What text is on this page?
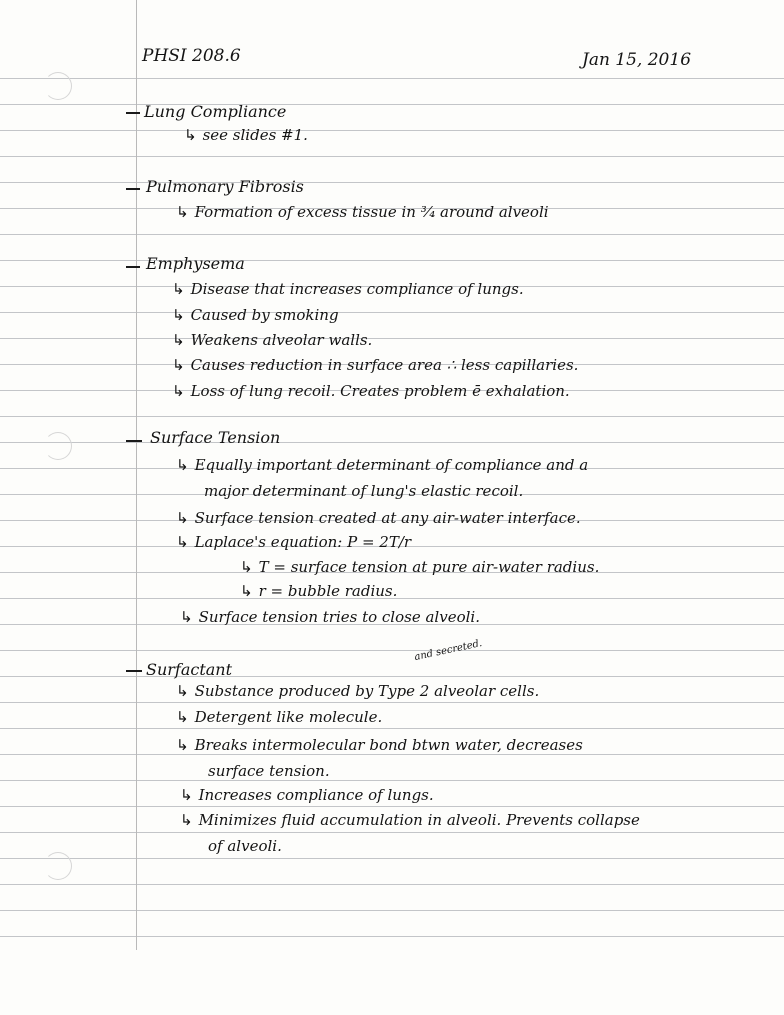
PHSI 208.6	Jan 15, 2016
Lung Compliance
↳ see slides #1.
Pulmonary Fibrosis
↳ Formation of excess tissue in ³⁄₄ around alveoli
Emphysema
↳ Disease that increases compliance of lungs.
↳ Caused by smoking
↳ Weakens alveolar walls.
↳ Causes reduction in surface area ∴ less capillaries.
↳ Loss of lung recoil. Creates problem ē exhalation.
Surface Tension
↳ Equally important determinant of compliance and a
major determinant of lung's elastic recoil.
↳ Surface tension created at any air-water interface.
↳ Laplace's equation: P = 2T/r
↳ T = surface tension at pure air-water radius.
↳ r = bubble radius.
↳ Surface tension tries to close alveoli.
Surfactant
and secreted.
↳ Substance produced by Type 2 alveolar cells.
↳ Detergent like molecule.
↳ Breaks intermolecular bond btwn water, decreases
surface tension.
↳ Increases compliance of lungs.
↳ Minimizes fluid accumulation in alveoli. Prevents collapse
of alveoli.
